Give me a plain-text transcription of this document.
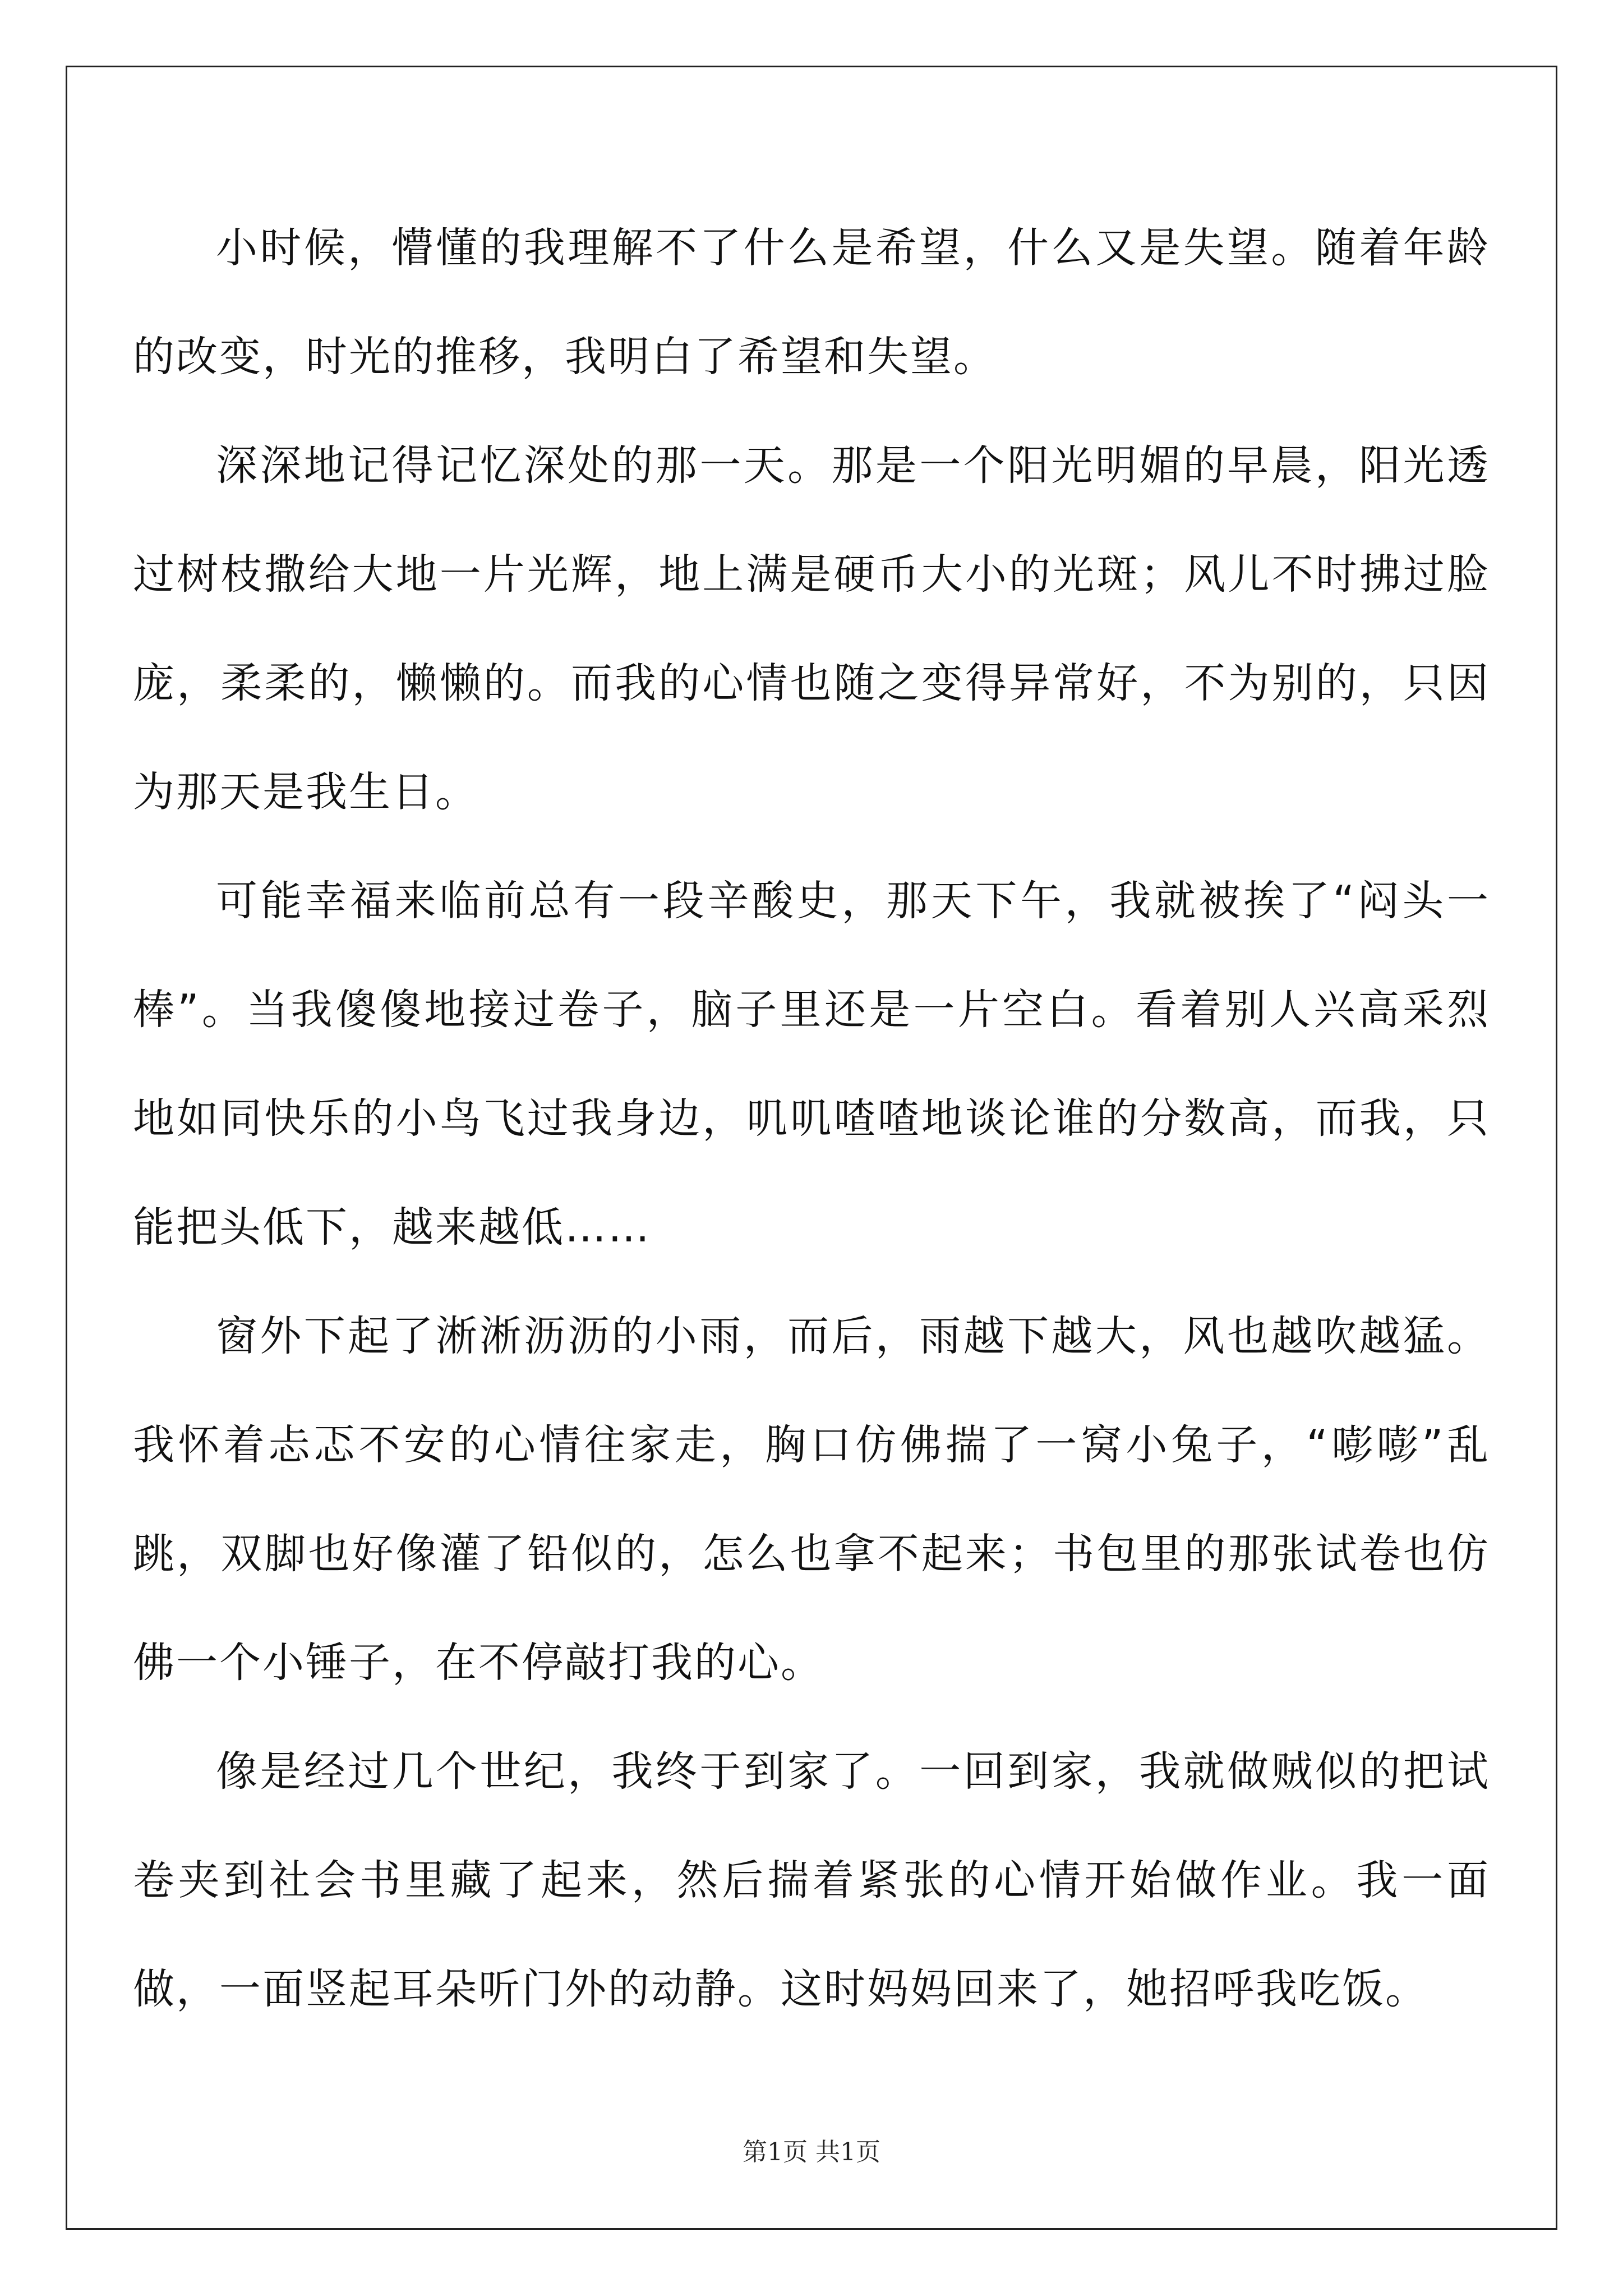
小时候，懵懂的我理解不了什么是希望，什么又是失望。随着年龄的改变，时光的推移，我明白了希望和失望。

深深地记得记忆深处的那一天。那是一个阳光明媚的早晨，阳光透过树枝撒给大地一片光辉，地上满是硬币大小的光斑；风儿不时拂过脸庞，柔柔的，懒懒的。而我的心情也随之变得异常好，不为别的，只因为那天是我生日。

可能幸福来临前总有一段辛酸史，那天下午，我就被挨了“闷头一棒”。当我傻傻地接过卷子，脑子里还是一片空白。看着别人兴高采烈地如同快乐的小鸟飞过我身边，叽叽喳喳地谈论谁的分数高，而我，只能把头低下，越来越低……

窗外下起了淅淅沥沥的小雨，而后，雨越下越大，风也越吹越猛。我怀着忐忑不安的心情往家走，胸口仿佛揣了一窝小兔子，“嘭嘭”乱跳，双脚也好像灌了铅似的，怎么也拿不起来；书包里的那张试卷也仿佛一个小锤子，在不停敲打我的心。

像是经过几个世纪，我终于到家了。一回到家，我就做贼似的把试卷夹到社会书里藏了起来，然后揣着紧张的心情开始做作业。我一面做，一面竖起耳朵听门外的动静。这时妈妈回来了，她招呼我吃饭。

第1页 共1页
